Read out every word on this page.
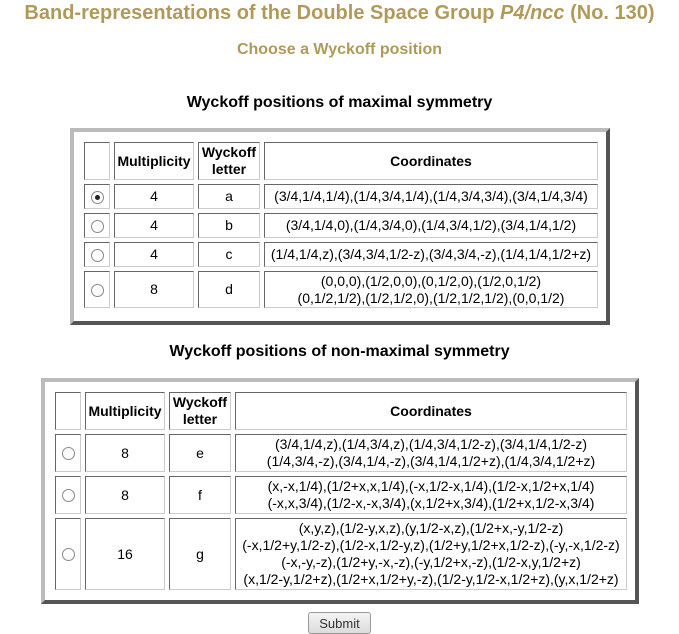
Band-representations of the Double Space Group P4/ncc (No. 130)
Choose a Wyckoff position
Wyckoff positions of maximal symmetry
	Multiplicity	Wyckoff
letter	Coordinates
	4	a	(3/4,1/4,1/4),(1/4,3/4,1/4),(1/4,3/4,3/4),(3/4,1/4,3/4)

	4	b	(3/4,1/4,0),(1/4,3/4,0),(1/4,3/4,1/2),(3/4,1/4,1/2)

	4	c	(1/4,1/4,z),(3/4,3/4,1/2-z),(3/4,3/4,-z),(1/4,1/4,1/2+z)

	8	d	(0,0,0),(1/2,0,0),(0,1/2,0),(1/2,0,1/2)
(0,1/2,1/2),(1/2,1/2,0),(1/2,1/2,1/2),(0,0,1/2)
Wyckoff positions of non-maximal symmetry
	Multiplicity	Wyckoff
letter	Coordinates
	8	e	(3/4,1/4,z),(1/4,3/4,z),(1/4,3/4,1/2-z),(3/4,1/4,1/2-z)
(1/4,3/4,-z),(3/4,1/4,-z),(3/4,1/4,1/2+z),(1/4,3/4,1/2+z)

	8	f	(x,-x,1/4),(1/2+x,x,1/4),(-x,1/2-x,1/4),(1/2-x,1/2+x,1/4)
(-x,x,3/4),(1/2-x,-x,3/4),(x,1/2+x,3/4),(1/2+x,1/2-x,3/4)

	16	g	(x,y,z),(1/2-y,x,z),(y,1/2-x,z),(1/2+x,-y,1/2-z)
(-x,1/2+y,1/2-z),(1/2-x,1/2-y,z),(1/2+y,1/2+x,1/2-z),(-y,-x,1/2-z)
(-x,-y,-z),(1/2+y,-x,-z),(-y,1/2+x,-z),(1/2-x,y,1/2+z)
(x,1/2-y,1/2+z),(1/2+x,1/2+y,-z),(1/2-y,1/2-x,1/2+z),(y,x,1/2+z)
Submit
